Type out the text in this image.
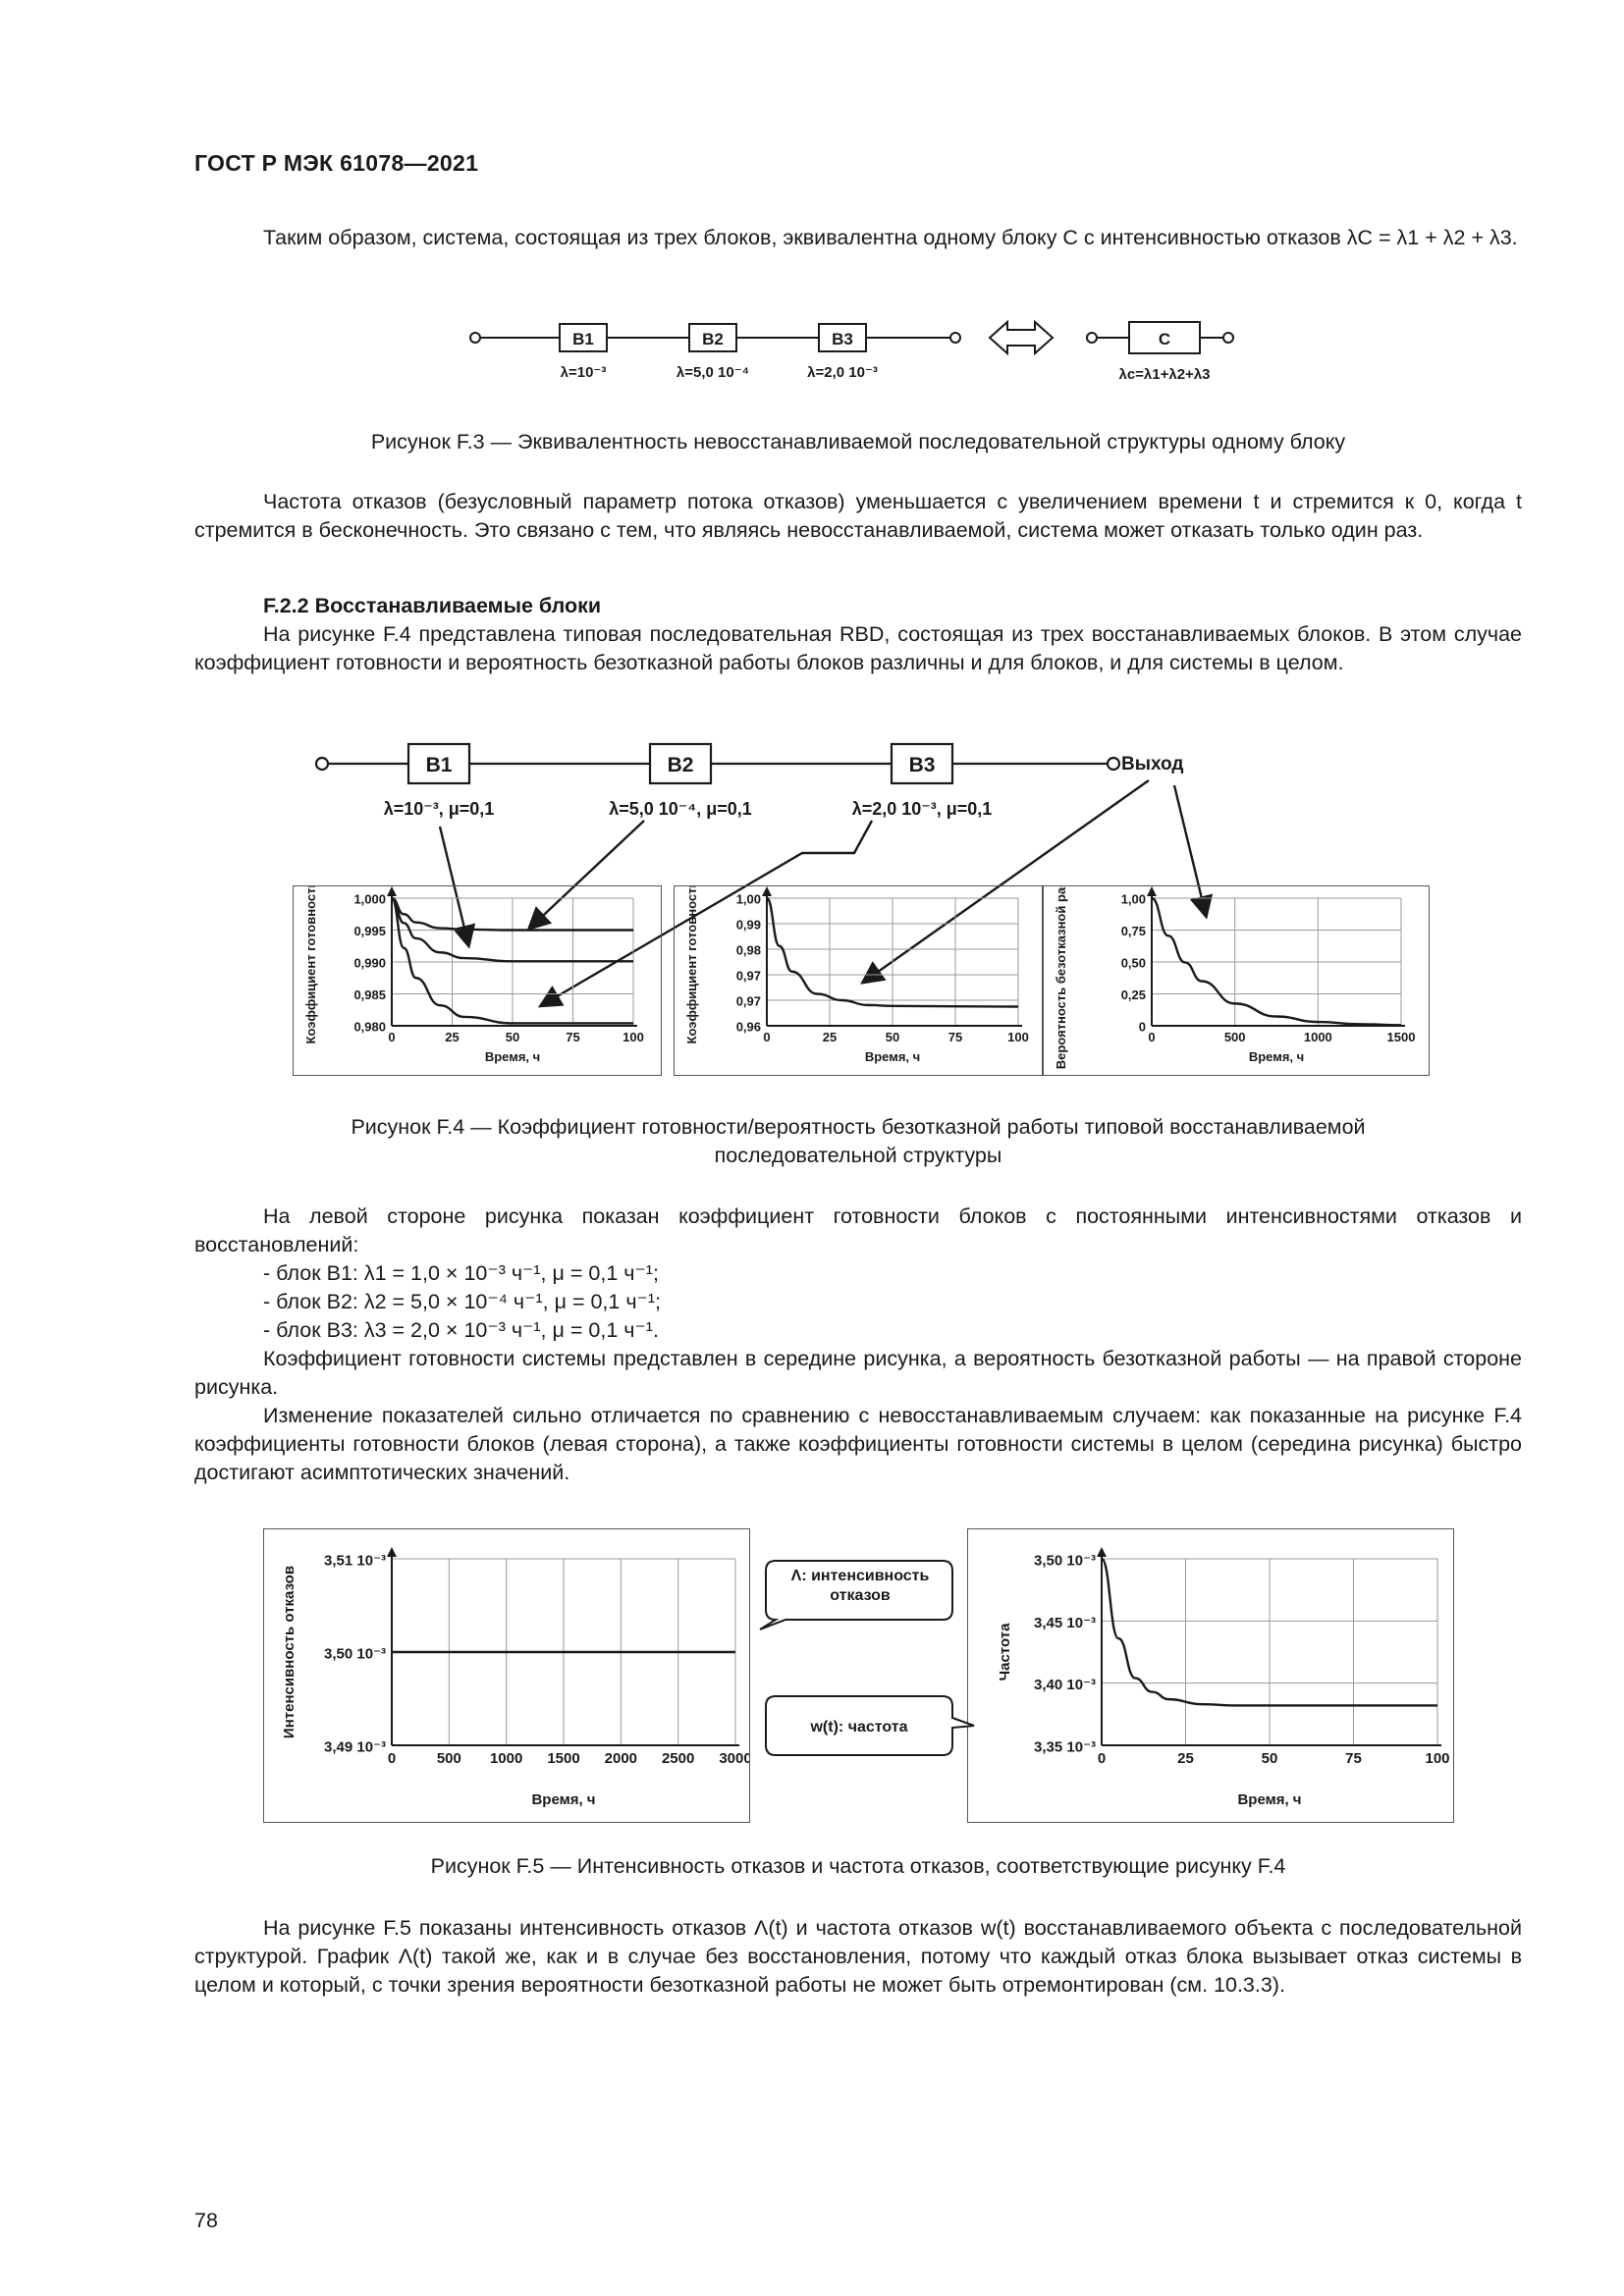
ГОСТ Р МЭК 61078—2021

Таким образом, система, состоящая из трех блоков, эквивалентна одному блоку С с интенсивностью отказов λC = λ1 + λ2 + λ3.

B1	B2	B3	C
λ=10⁻³	λ=5,0 10⁻⁴	λ=2,0 10⁻³	λc=λ1+λ2+λ3
Рисунок F.3 — Эквивалентность невосстанавливаемой последовательной структуры одному блоку

Частота отказов (безусловный параметр потока отказов) уменьшается с увеличением времени t и стремится к 0, когда t стремится в бесконечность. Это связано с тем, что являясь невосстанавливаемой, система может отказать только один раз.

F.2.2 Восстанавливаемые блоки

На рисунке F.4 представлена типовая последовательная RBD, состоящая из трех восстанавливаемых блоков. В этом случае коэффициент готовности и вероятность безотказной работы блоков различны и для блоков, и для системы в целом.

B1	B2	B3
λ=10⁻³, μ=0,1	λ=5,0 10⁻⁴, μ=0,1	λ=2,0 10⁻³, μ=0,1
Выход
0	25	50	75	100
0,980
0,985
0,990
0,995
1,000
Время, ч
Коэффициент готовности	0	25	50	75	100
0,96
0,97
0,97
0,98
0,99
1,00
Время, ч
Коэффициент готовности	0	500	1000	1500
0
0,25
0,50
0,75
1,00
Время, ч
Вероятность безотказной работы
Рисунок F.4 — Коэффициент готовности/вероятность безотказной работы типовой восстанавливаемой
последовательной структуры

На левой стороне рисунка показан коэффициент готовности блоков с постоянными интенсивностями отказов и восстановлений:

- блок B1: λ1 = 1,0 × 10⁻³ ч⁻¹, μ = 0,1 ч⁻¹;

- блок B2: λ2 = 5,0 × 10⁻⁴ ч⁻¹, μ = 0,1 ч⁻¹;

- блок B3: λ3 = 2,0 × 10⁻³ ч⁻¹, μ = 0,1 ч⁻¹.

Коэффициент готовности системы представлен в середине рисунка, а вероятность безотказной работы — на правой стороне рисунка.

Изменение показателей сильно отличается по сравнению с невосстанавливаемым случаем: как показанные на рисунке F.4 коэффициенты готовности блоков (левая сторона), а также коэффициенты готовности системы в целом (середина рисунка) быстро достигают асимптотических значений.

0	500 1000 1500 2000 2500 3000
3,49 10⁻³
3,50 10⁻³
3,51 10⁻³
Время, ч
Интенсивность отказов
0	25	50	75	100
3,35 10⁻³
3,40 10⁻³
3,45 10⁻³
3,50 10⁻³
Время, ч
Частота
Λ: интенсивность отказов
w(t): частота
Рисунок F.5 — Интенсивность отказов и частота отказов, соответствующие рисунку F.4

На рисунке F.5 показаны интенсивность отказов Λ(t) и частота отказов w(t) восстанавливаемого объекта с последовательной структурой. График Λ(t) такой же, как и в случае без восстановления, потому что каждый отказ блока вызывает отказ системы в целом и который, с точки зрения вероятности безотказной работы не может быть отремонтирован (см. 10.3.3).

78
